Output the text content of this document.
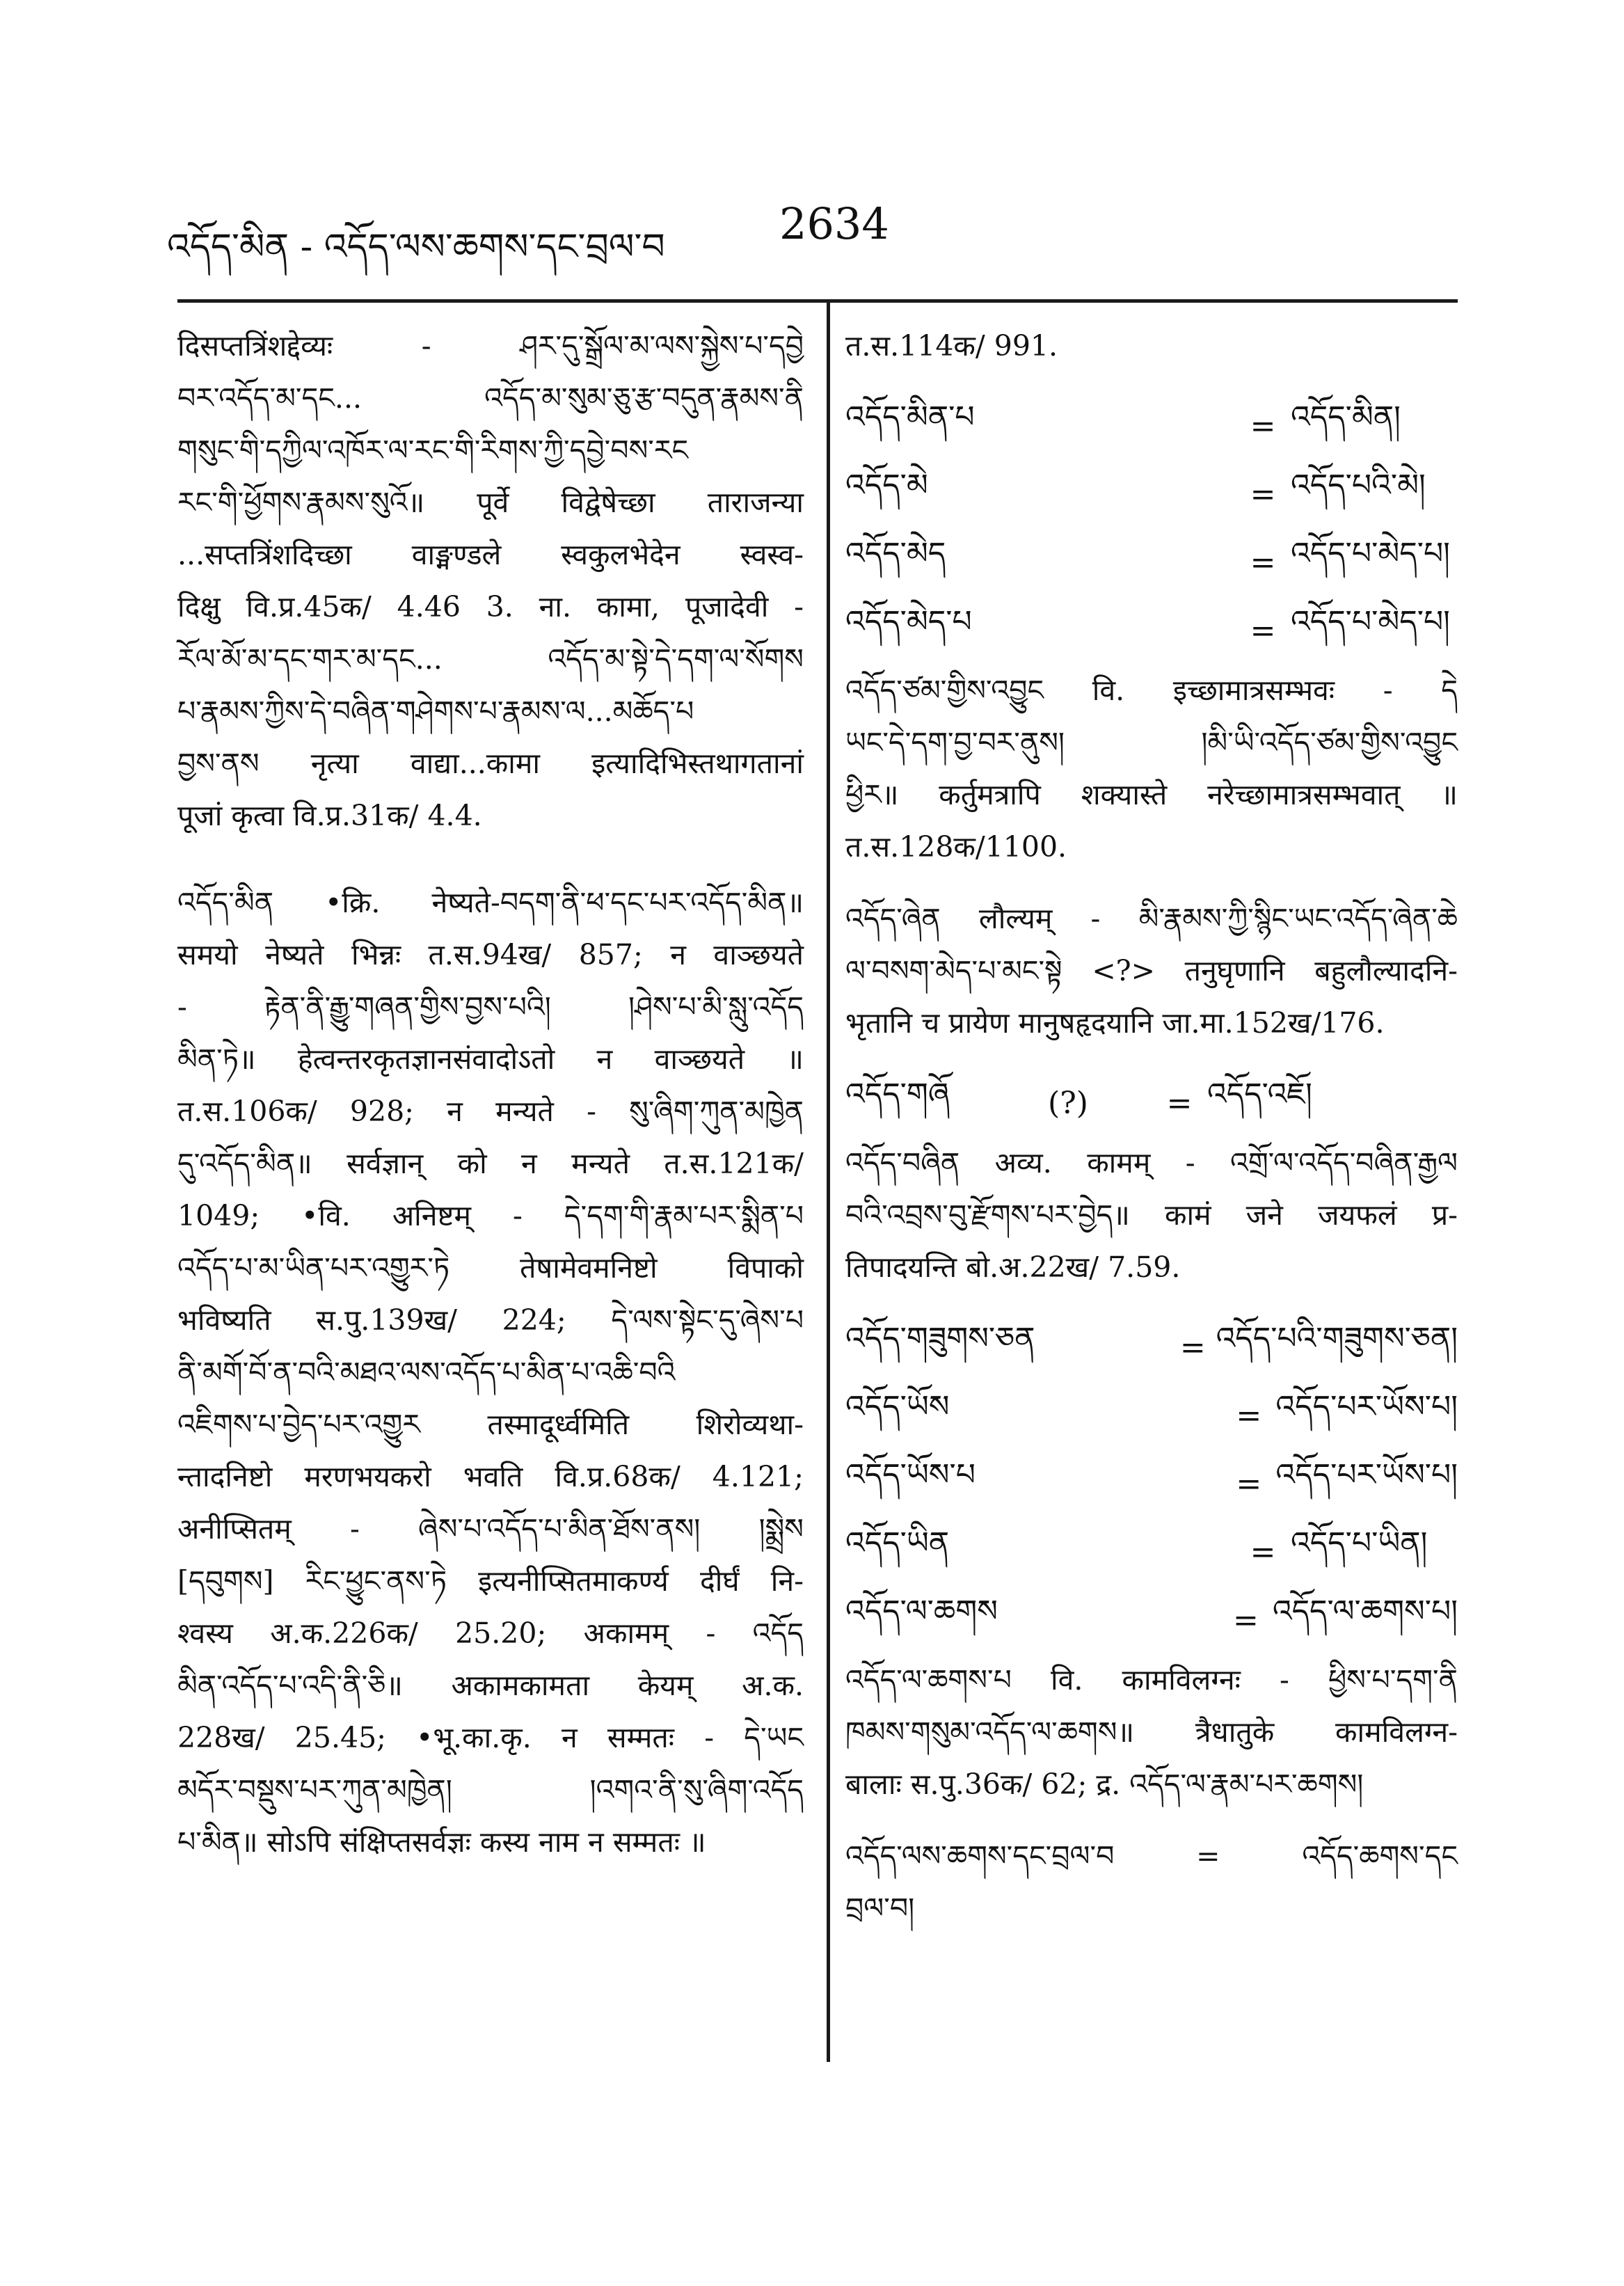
འདོད་མིན - འདོད་ལས་ཆགས་དང་བྲལ་བ	2634
दिसप्तत्रिंशद्देव्यः - ཤར་དུ་སྒྲོལ་མ་ལས་སྐྱེས་པ་དབྱེ
བར་འདོད་མ་དང... འདོད་མ་སུམ་ཅུ་རྩ་བདུན་རྣམས་ནི
གསུང་གི་དཀྱིལ་འཁོར་ལ་རང་གི་རིགས་ཀྱི་དབྱེ་བས་རང
རང་གི་ཕྱོགས་རྣམས་སུའོ॥ पूर्वे विद्वेषेच्छा ताराजन्या
...सप्तत्रिंशदिच्छा वाङ्मण्डले स्वकुलभेदेन स्वस्व-
दिक्षु वि.प्र.45क/ 4.46 3. ना. कामा, पूजादेवी -
རོལ་མོ་མ་དང་གར་མ་དང... འདོད་མ་སྟེ་དེ་དག་ལ་སོགས
པ་རྣམས་ཀྱིས་དེ་བཞིན་གཤེགས་པ་རྣམས་ལ...མཆོད་པ
བྱས་ནས नृत्या वाद्या...कामा इत्यादिभिस्तथागतानां
पूजां कृत्वा वि.प्र.31क/ 4.4.
འདོད་མིན •क्रि. नेष्यते-བདག་ནི་ཕ་དང་པར་འདོད་མིན॥
समयो नेष्यते भिन्नः त.स.94ख/ 857; न वाञ्छयते
- རྟེན་ནི་རྒྱུ་གཞན་གྱིས་བྱས་པའི། །ཤེས་པ་མི་སླུ་འདོད
མིན་ཏེ॥ हेत्वन्तरकृतज्ञानसंवादोऽतो न वाञ्छयते ॥
त.स.106क/ 928; न मन्यते - སུ་ཞིག་ཀུན་མཁྱེན
དུ་འདོད་མིན॥ सर्वज्ञान् को न मन्यते त.स.121क/
1049; •वि. अनिष्टम् - དེ་དག་གི་རྣམ་པར་སྨིན་པ
འདོད་པ་མ་ཡིན་པར་འགྱུར་ཏེ तेषामेवमनिष्टो विपाको
भविष्यति स.पु.139ख/ 224; དེ་ལས་སྟེང་དུ་ཞེས་པ
ནི་མགོ་བོ་ན་བའི་མཐའ་ལས་འདོད་པ་མིན་པ་འཆི་བའི
འཇིགས་པ་བྱེད་པར་འགྱུར तस्मादूर्ध्वमिति शिरोव्यथा-
न्तादनिष्टो मरणभयकरो भवति वि.प्र.68क/ 4.121;
अनीप्सितम् - ཞེས་པ་འདོད་པ་མིན་ཐོས་ནས། །སྨྲེས
[དབུགས] རིང་ཕྱུང་ནས་ཏེ इत्यनीप्सितमाकर्ण्य दीर्घं नि-
श्वस्य अ.क.226क/ 25.20; अकामम् - འདོད
མིན་འདོད་པ་འདི་ནི་ཅི॥ अकामकामता केयम् अ.क.
228ख/ 25.45; •भू.का.कृ. न सम्मतः - དེ་ཡང
མདོར་བསྡུས་པར་ཀུན་མཁྱེན། །འགའ་ནི་སུ་ཞིག་འདོད
པ་མིན॥ सोऽपि संक्षिप्तसर्वज्ञः कस्य नाम न सम्मतः ॥
त.स.114क/ 991.
འདོད་མིན་པ	= འདོད་མིན།
འདོད་མེ	= འདོད་པའི་མེ།
འདོད་མེད	= འདོད་པ་མེད་པ།
འདོད་མེད་པ	= འདོད་པ་མེད་པ།
འདོད་ཙམ་གྱིས་འབྱུང वि. इच्छामात्रसम्भवः - དེ
ཡང་དེ་དག་བྱ་བར་ནུས། །མི་ཡི་འདོད་ཙམ་གྱིས་འབྱུང
ཕྱིར॥ कर्तुमत्रापि शक्यास्ते नरेच्छामात्रसम्भवात् ॥
त.स.128क/1100.
འདོད་ཞེན लौल्यम् - མི་རྣམས་ཀྱི་སྙིང་ཡང་འདོད་ཞེན་ཆེ
ལ་བསག་མེད་པ་མང་སྟེ <?> तनुघृणानि बहुलौल्यादनि-
भृतानि च प्रायेण मानुषहृदयानि जा.मा.152ख/176.
འདོད་གཞོ	(?)	= འདོད་འཇོ།
འདོད་བཞིན अव्य. कामम् - འགྲོ་ལ་འདོད་བཞིན་རྒྱལ
བའི་འབྲས་བུ་རྫོགས་པར་བྱེད॥ कामं जने जयफलं प्र-
तिपादयन्ति बो.अ.22ख/ 7.59.
འདོད་གཟུགས་ཅན	= འདོད་པའི་གཟུགས་ཅན།
འདོད་ཡོས	= འདོད་པར་ཡོས་པ།
འདོད་ཡོས་པ	= འདོད་པར་ཡོས་པ།
འདོད་ཡིན	= འདོད་པ་ཡིན།
འདོད་ལ་ཆགས	= འདོད་ལ་ཆགས་པ།
འདོད་ལ་ཆགས་པ वि. कामविलग्नः - ཕྱིས་པ་དག་ནི
ཁམས་གསུམ་འདོད་ལ་ཆགས॥ त्रैधातुके कामविलग्न-
बालाः स.पु.36क/ 62; द्र. འདོད་ལ་རྣམ་པར་ཆགས།
འདོད་ལས་ཆགས་དང་བྲལ་བ = འདོད་ཆགས་དང
བྲལ་བ།
